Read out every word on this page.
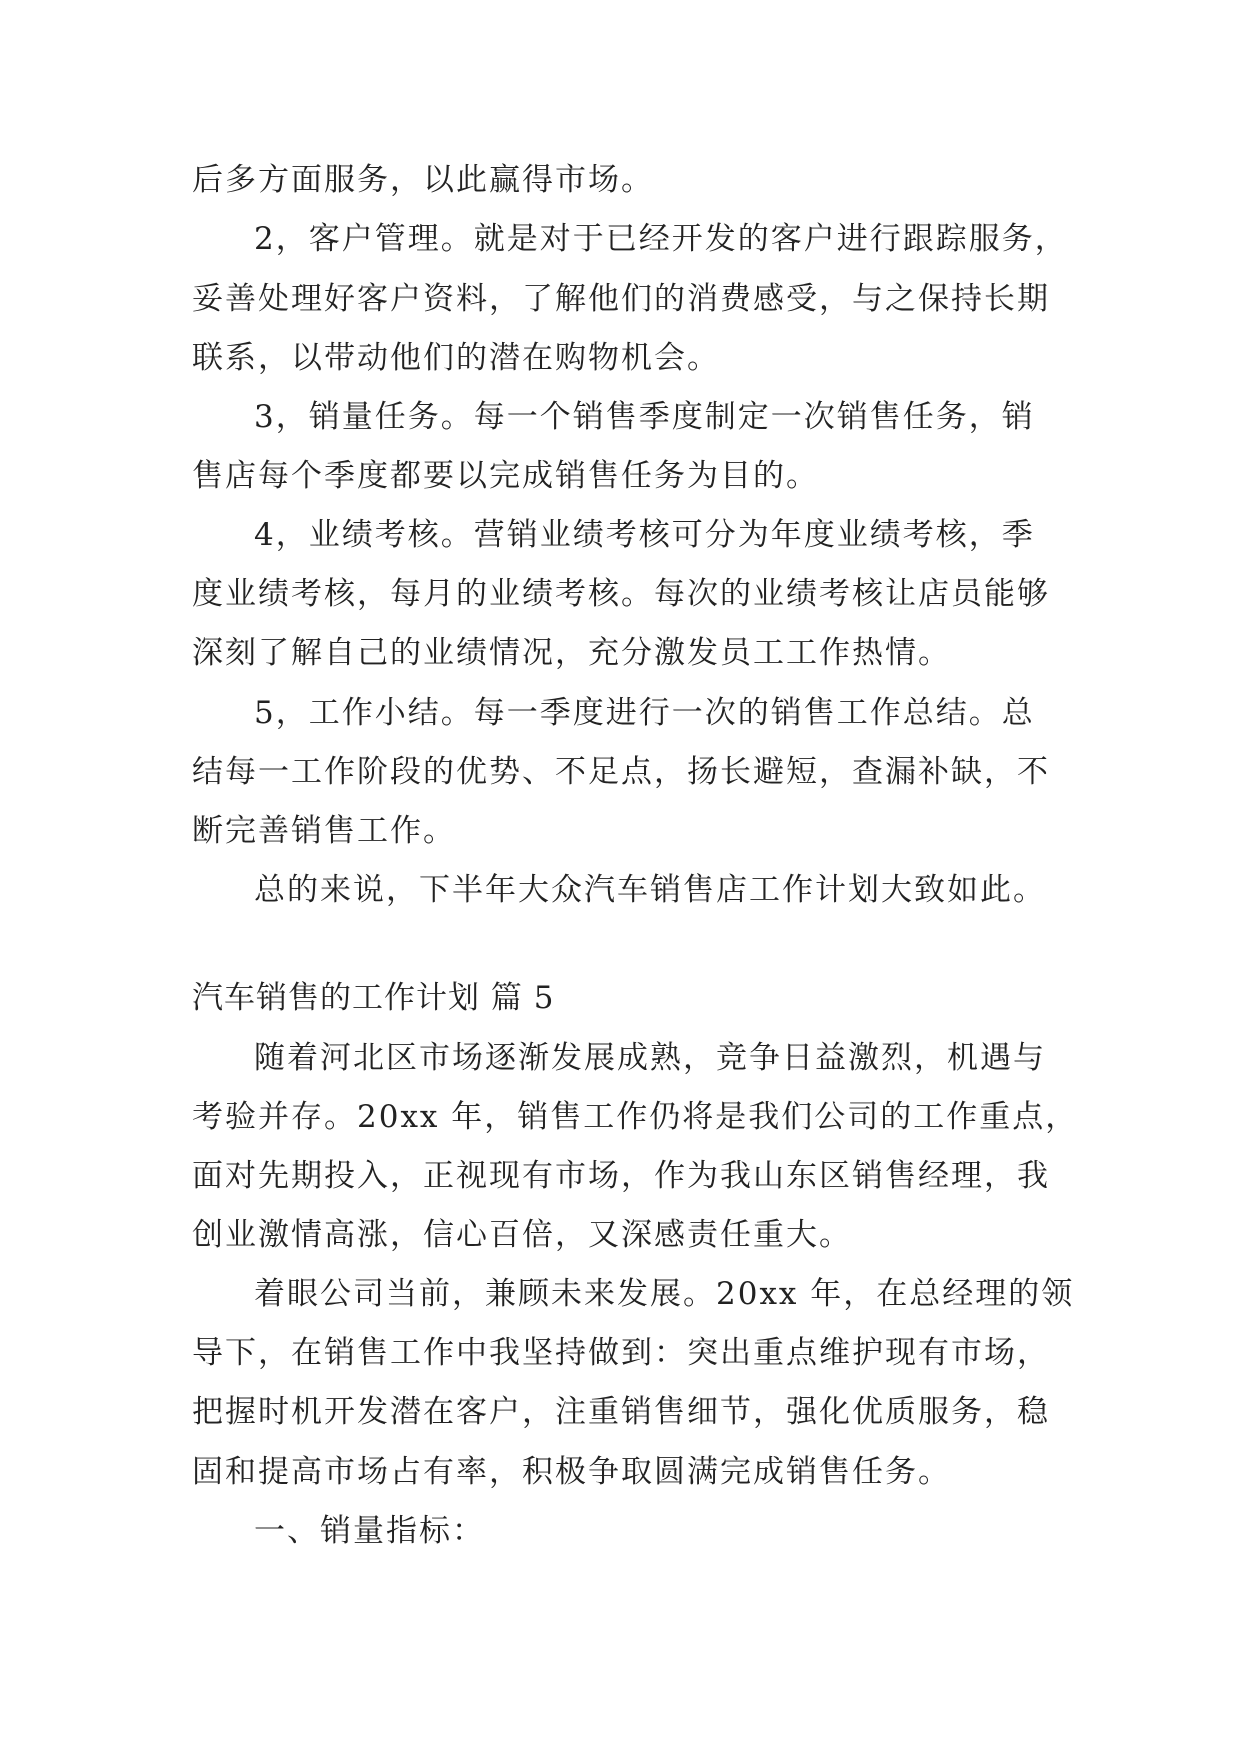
后多方面服务，以此赢得市场。
2，客户管理。就是对于已经开发的客户进行跟踪服务，
妥善处理好客户资料，了解他们的消费感受，与之保持长期
联系，以带动他们的潜在购物机会。
3，销量任务。每一个销售季度制定一次销售任务，销
售店每个季度都要以完成销售任务为目的。
4，业绩考核。营销业绩考核可分为年度业绩考核，季
度业绩考核，每月的业绩考核。每次的业绩考核让店员能够
深刻了解自己的业绩情况，充分激发员工工作热情。
5，工作小结。每一季度进行一次的销售工作总结。总
结每一工作阶段的优势、不足点，扬长避短，查漏补缺，不
断完善销售工作。
总的来说，下半年大众汽车销售店工作计划大致如此。
汽车销售的工作计划 篇 5
随着河北区市场逐渐发展成熟，竞争日益激烈，机遇与
考验并存。20xx 年，销售工作仍将是我们公司的工作重点，
面对先期投入，正视现有市场，作为我山东区销售经理，我
创业激情高涨，信心百倍，又深感责任重大。
着眼公司当前，兼顾未来发展。20xx 年，在总经理的领
导下，在销售工作中我坚持做到：突出重点维护现有市场，
把握时机开发潜在客户，注重销售细节，强化优质服务，稳
固和提高市场占有率，积极争取圆满完成销售任务。
一、销量指标：
